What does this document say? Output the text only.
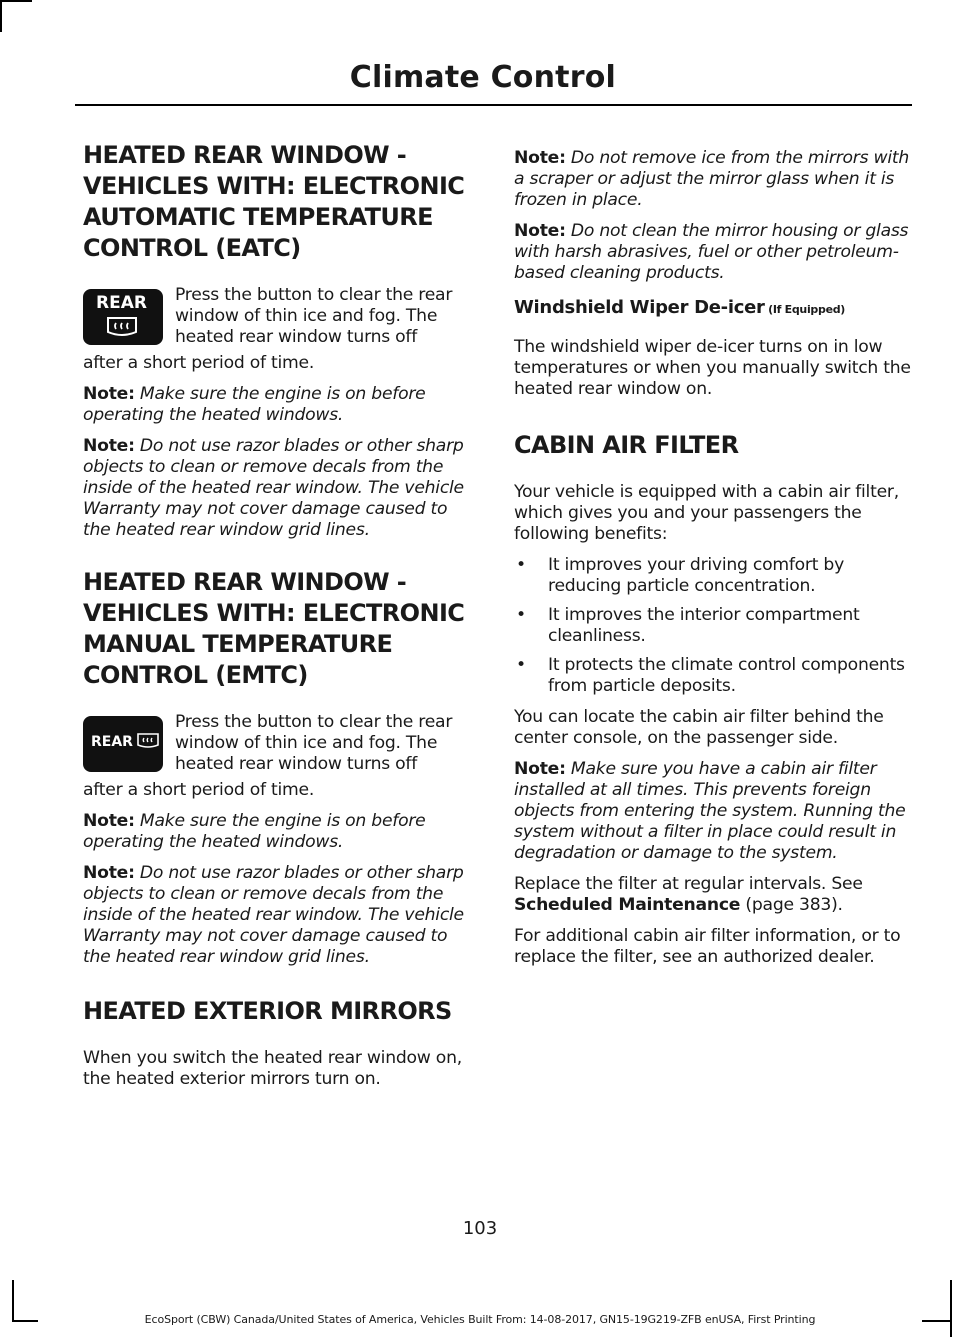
Climate Control
HEATED REAR WINDOW -
VEHICLES WITH: ELECTRONIC
AUTOMATIC TEMPERATURE
CONTROL (EATC)
REAR Press the button to clear the rear window of thin ice and fog. The heated rear window turns off

after a short period of time.

Note: Make sure the engine is on before operating the heated windows.

Note: Do not use razor blades or other sharp objects to clean or remove decals from the inside of the heated rear window. The vehicle Warranty may not cover damage caused to the heated rear window grid lines.

HEATED REAR WINDOW -
VEHICLES WITH: ELECTRONIC
MANUAL TEMPERATURE
CONTROL (EMTC)
REAR

Press the button to clear the rear window of thin ice and fog. The heated rear window turns off

after a short period of time.

Note: Make sure the engine is on before operating the heated windows.

Note: Do not use razor blades or other sharp objects to clean or remove decals from the inside of the heated rear window. The vehicle Warranty may not cover damage caused to the heated rear window grid lines.

HEATED EXTERIOR MIRRORS

When you switch the heated rear window on, the heated exterior mirrors turn on.

Note: Do not remove ice from the mirrors with a scraper or adjust the mirror glass when it is frozen in place.

Note: Do not clean the mirror housing or glass with harsh abrasives, fuel or other petroleum-based cleaning products.

Windshield Wiper De-icer (If Equipped)

The windshield wiper de-icer turns on in low temperatures or when you manually switch the heated rear window on.

CABIN AIR FILTER

Your vehicle is equipped with a cabin air filter, which gives you and your passengers the following benefits:

• It improves your driving comfort by reducing particle concentration.
• It improves the interior compartment cleanliness.
• It protects the climate control components from particle deposits.

You can locate the cabin air filter behind the center console, on the passenger side.

Note: Make sure you have a cabin air filter installed at all times. This prevents foreign objects from entering the system. Running the system without a filter in place could result in degradation or damage to the system.

Replace the filter at regular intervals. See Scheduled Maintenance (page 383).

For additional cabin air filter information, or to replace the filter, see an authorized dealer.

103
EcoSport (CBW) Canada/United States of America, Vehicles Built From: 14-08-2017, GN15-19G219-ZFB enUSA, First Printing
